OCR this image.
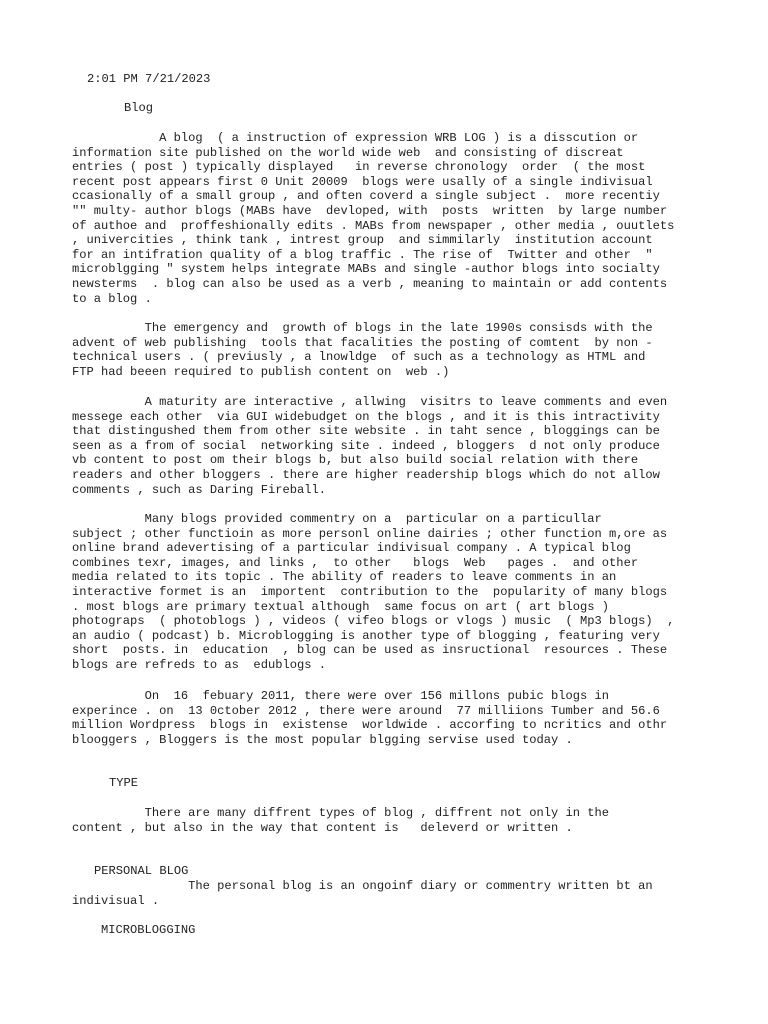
2:01 PM 7/21/2023
Blog
A blog  ( a instruction of expression WRB LOG ) is a disscution or
information site published on the world wide web  and consisting of discreat
entries ( post ) typically displayed   in reverse chronology  order  ( the most
recent post appears first 0 Unit 20009  blogs were usally of a single indivisual
ccasionally of a small group , and often coverd a single subject .  more recentiy
"" multy- author blogs (MABs have  devloped, with  posts  written  by large number
of authoe and  proffeshionally edits . MABs from newspaper , other media , ouutlets
, univercities , think tank , intrest group  and simmilarly  institution account
for an intifration quality of a blog traffic . The rise of  Twitter and other  "
microblgging " system helps integrate MABs and single -author blogs into socialty
newsterms  . blog can also be used as a verb , meaning to maintain or add contents
to a blog .
The emergency and  growth of blogs in the late 1990s consisds with the
advent of web publishing  tools that facalities the posting of comtent  by non -
technical users . ( previusly , a lnowldge  of such as a technology as HTML and
FTP had beeen required to publish content on  web .)
A maturity are interactive , allwing  visitrs to leave comments and even
messege each other  via GUI widebudget on the blogs , and it is this intractivity
that distingushed them from other site website . in taht sence , bloggings can be
seen as a from of social  networking site . indeed , bloggers  d not only produce
vb content to post om their blogs b, but also build social relation with there
readers and other bloggers . there are higher readership blogs which do not allow
comments , such as Daring Fireball.
Many blogs provided commentry on a  particular on a particullar
subject ; other functioin as more personl online dairies ; other function m,ore as
online brand adevertising of a particular indivisual company . A typical blog
combines texr, images, and links ,  to other   blogs  Web   pages .  and other
media related to its topic . The ability of readers to leave comments in an
interactive formet is an  importent  contribution to the  popularity of many blogs
. most blogs are primary textual although  same focus on art ( art blogs )
photograps  ( photoblogs ) , videos ( vifeo blogs or vlogs ) music  ( Mp3 blogs)  ,
an audio ( podcast) b. Microblogging is another type of blogging , featuring very
short  posts. in  education  , blog can be used as insructional  resources . These
blogs are refreds to as  edublogs .
On  16  febuary 2011, there were over 156 millons pubic blogs in
experince . on  13 0ctober 2012 , there were around  77 milliions Tumber and 56.6
million Wordpress  blogs in  existense  worldwide . accorfing to ncritics and othr
blooggers , Bloggers is the most popular blgging servise used today .
TYPE
There are many diffrent types of blog , diffrent not only in the
content , but also in the way that content is   deleverd or written .
PERSONAL BLOG
The personal blog is an ongoinf diary or commentry written bt an
indivisual .
MICROBLOGGING
